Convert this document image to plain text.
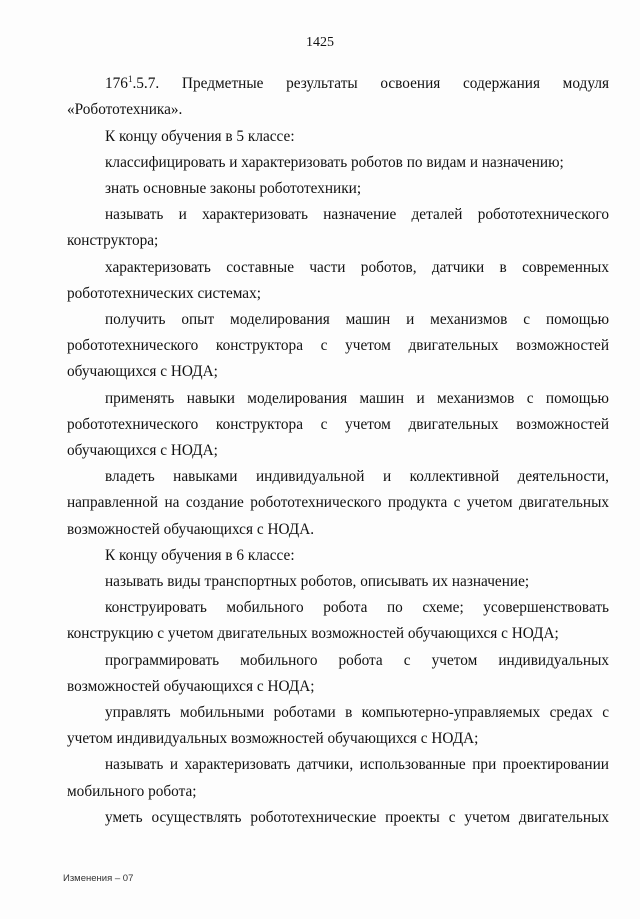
1425

$176^1.5.7$. Предметные результаты освоения содержания модуля «Робототехника».

К концу обучения в 5 классе:

классифицировать и характеризовать роботов по видам и назначению;

знать основные законы робототехники;

называть и характеризовать назначение деталей робототехнического конструктора;

характеризовать составные части роботов, датчики в современных робототехнических системах;

получить опыт моделирования машин и механизмов с помощью робототехнического конструктора с учетом двигательных возможностей обучающихся с НОДА;

применять навыки моделирования машин и механизмов с помощью робототехнического конструктора с учетом двигательных возможностей обучающихся с НОДА;

владеть навыками индивидуальной и коллективной деятельности, направленной на создание робототехнического продукта с учетом двигательных возможностей обучающихся с НОДА.

К концу обучения в 6 классе:

называть виды транспортных роботов, описывать их назначение;

конструировать мобильного робота по схеме; усовершенствовать конструкцию с учетом двигательных возможностей обучающихся с НОДА;

программировать мобильного робота с учетом индивидуальных возможностей обучающихся с НОДА;

управлять мобильными роботами в компьютерно-управляемых средах с учетом индивидуальных возможностей обучающихся с НОДА;

называть и характеризовать датчики, использованные при проектировании мобильного робота;

уметь осуществлять робототехнические проекты с учетом двигательных

Изменения – 07
